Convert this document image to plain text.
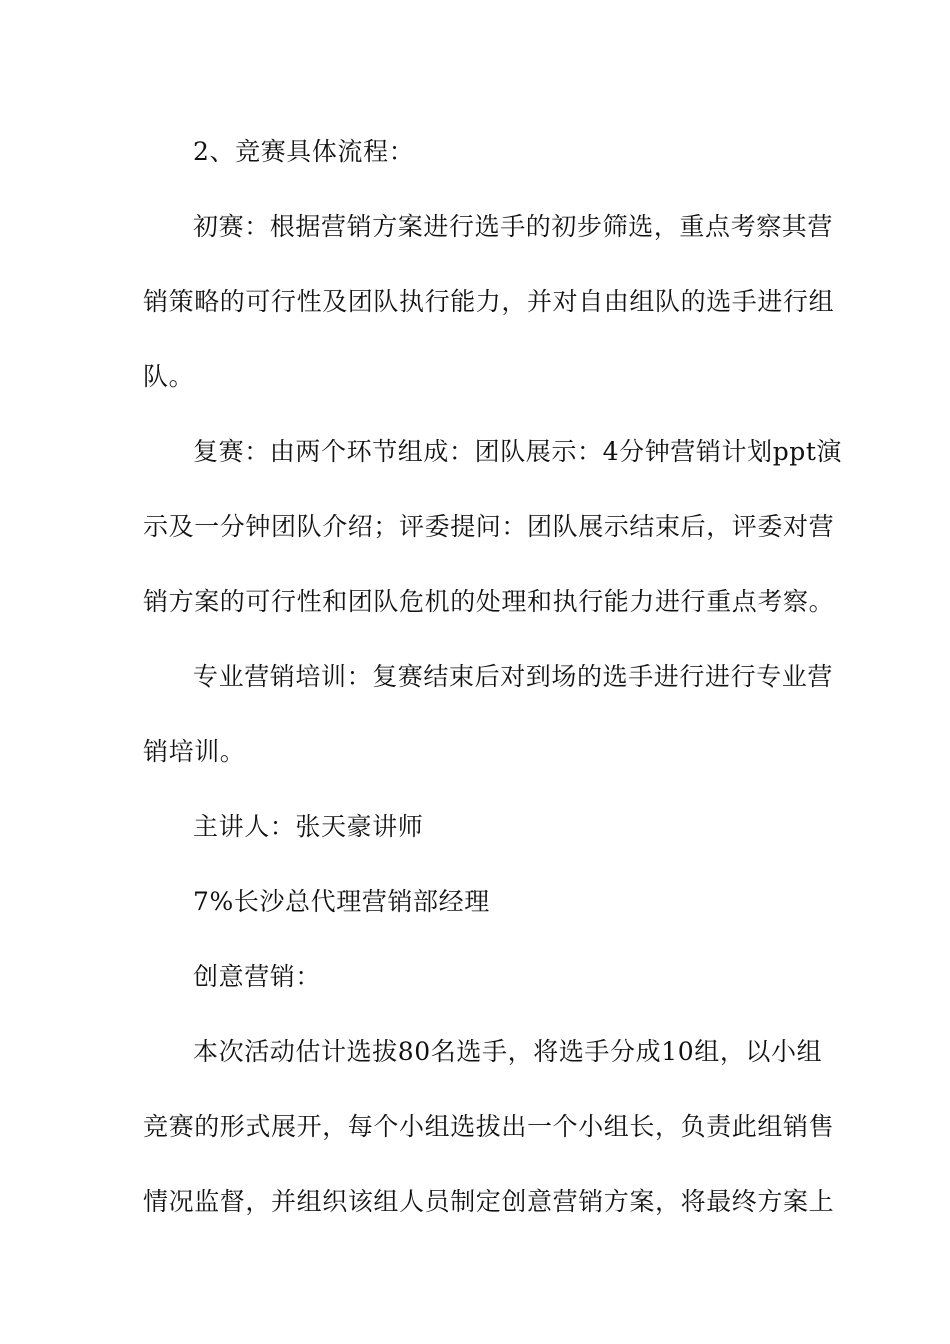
2、竞赛具体流程：
初赛：根据营销方案进行选手的初步筛选，重点考察其营
销策略的可行性及团队执行能力，并对自由组队的选手进行组
队。
复赛：由两个环节组成：团队展示：4分钟营销计划ppt演
示及一分钟团队介绍；评委提问：团队展示结束后，评委对营
销方案的可行性和团队危机的处理和执行能力进行重点考察。
专业营销培训：复赛结束后对到场的选手进行进行专业营
销培训。
主讲人：张天豪讲师
7%长沙总代理营销部经理
创意营销：
本次活动估计选拔80名选手，将选手分成10组，以小组
竞赛的形式展开，每个小组选拔出一个小组长，负责此组销售
情况监督，并组织该组人员制定创意营销方案，将最终方案上
